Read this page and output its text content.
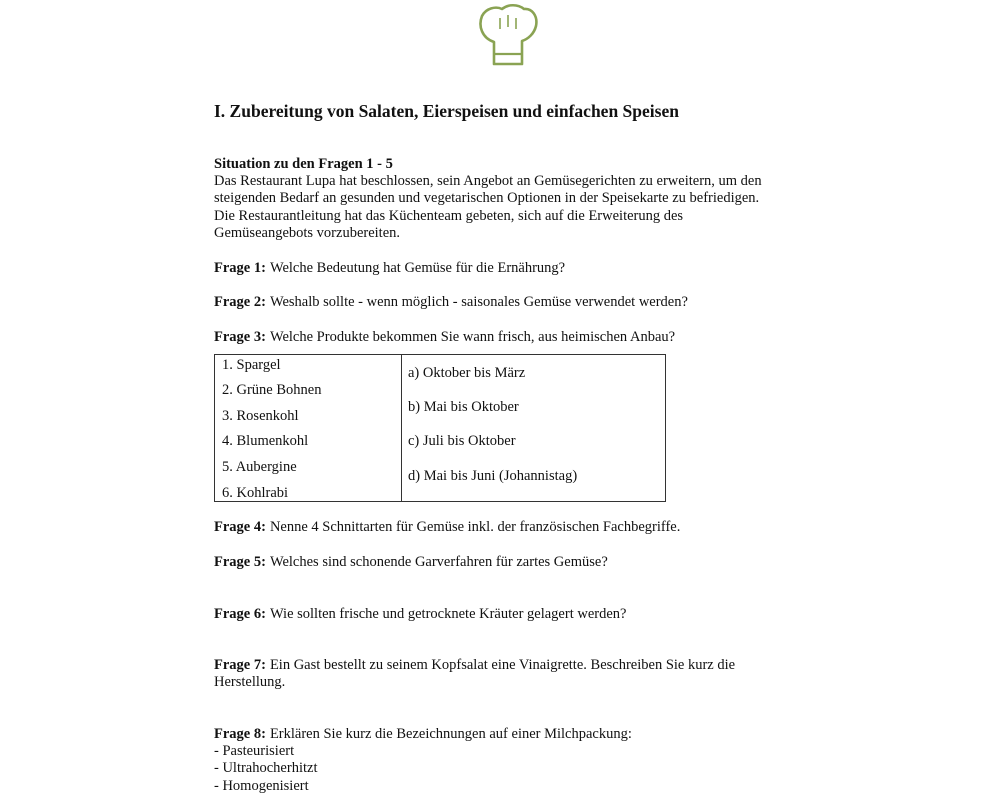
I. Zubereitung von Salaten, Eierspeisen und einfachen Speisen
Situation zu den Fragen 1 - 5
Das Restaurant Lupa hat beschlossen, sein Angebot an Gemüsegerichten zu erweitern, um den
steigenden Bedarf an gesunden und vegetarischen Optionen in der Speisekarte zu befriedigen.
Die Restaurantleitung hat das Küchenteam gebeten, sich auf die Erweiterung des
Gemüseangebots vorzubereiten.
Frage 1: Welche Bedeutung hat Gemüse für die Ernährung?
Frage 2: Weshalb sollte - wenn möglich - saisonales Gemüse verwendet werden?
Frage 3: Welche Produkte bekommen Sie wann frisch, aus heimischen Anbau?
1. Spargel
2. Grüne Bohnen
3. Rosenkohl
4. Blumenkohl
5. Aubergine
6. Kohlrabi
a) Oktober bis März
b) Mai bis Oktober
c) Juli bis Oktober
d) Mai bis Juni (Johannistag)
Frage 4: Nenne 4 Schnittarten für Gemüse inkl. der französischen Fachbegriffe.
Frage 5: Welches sind schonende Garverfahren für zartes Gemüse?
Frage 6: Wie sollten frische und getrocknete Kräuter gelagert werden?
Frage 7: Ein Gast bestellt zu seinem Kopfsalat eine Vinaigrette. Beschreiben Sie kurz die
Herstellung.
Frage 8: Erklären Sie kurz die Bezeichnungen auf einer Milchpackung:
- Pasteurisiert
- Ultrahocherhitzt
- Homogenisiert
